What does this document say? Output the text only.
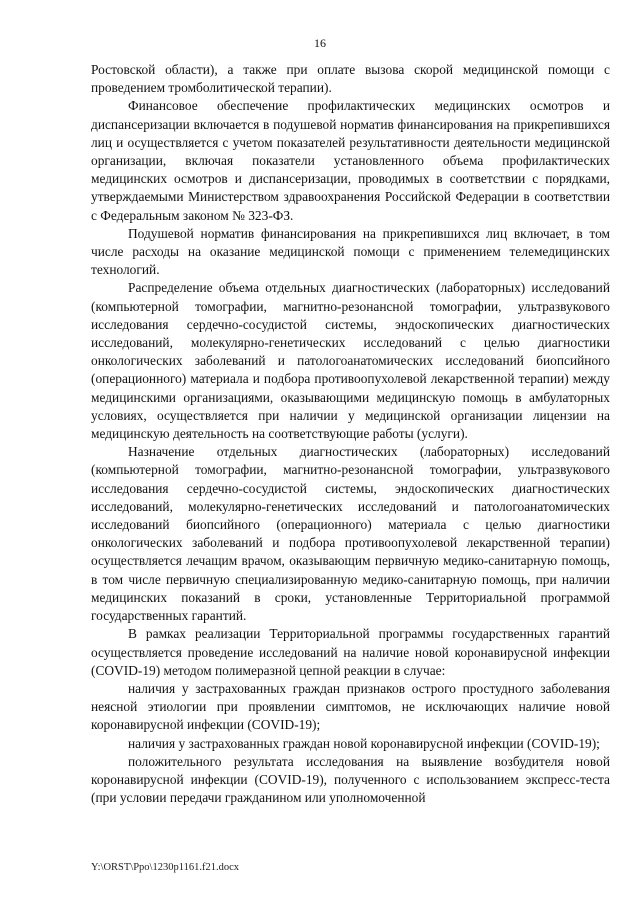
16

Ростовской области), а также при оплате вызова скорой медицинской помощи с проведением тромболитической терапии).

Финансовое обеспечение профилактических медицинских осмотров и диспансеризации включается в подушевой норматив финансирования на прикрепившихся лиц и осуществляется с учетом показателей результативности деятельности медицинской организации, включая показатели установленного объема профилактических медицинских осмотров и диспансеризации, проводимых в соответствии с порядками, утверждаемыми Министерством здравоохранения Российской Федерации в соответствии с Федеральным законом № 323-ФЗ.

Подушевой норматив финансирования на прикрепившихся лиц включает, в том числе расходы на оказание медицинской помощи с применением телемедицинских технологий.

Распределение объема отдельных диагностических (лабораторных) исследований (компьютерной томографии, магнитно-резонансной томографии, ультразвукового исследования сердечно-сосудистой системы, эндоскопических диагностических исследований, молекулярно-генетических исследований с целью диагностики онкологических заболеваний и патологоанатомических исследований биопсийного (операционного) материала и подбора противоопухолевой лекарственной терапии) между медицинскими организациями, оказывающими медицинскую помощь в амбулаторных условиях, осуществляется при наличии у медицинской организации лицензии на медицинскую деятельность на соответствующие работы (услуги).

Назначение отдельных диагностических (лабораторных) исследований (компьютерной томографии, магнитно-резонансной томографии, ультразвукового исследования сердечно-сосудистой системы, эндоскопических диагностических исследований, молекулярно-генетических исследований и патологоанатомических исследований биопсийного (операционного) материала с целью диагностики онкологических заболеваний и подбора противоопухолевой лекарственной терапии) осуществляется лечащим врачом, оказывающим первичную медико-санитарную помощь, в том числе первичную специализированную медико-санитарную помощь, при наличии медицинских показаний в сроки, установленные Территориальной программой государственных гарантий.

В рамках реализации Территориальной программы государственных гарантий осуществляется проведение исследований на наличие новой коронавирусной инфекции (COVID-19) методом полимеразной цепной реакции в случае:

наличия у застрахованных граждан признаков острого простудного заболевания неясной этиологии при проявлении симптомов, не исключающих наличие новой коронавирусной инфекции (COVID-19);

наличия у застрахованных граждан новой коронавирусной инфекции (COVID-19);

положительного результата исследования на выявление возбудителя новой коронавирусной инфекции (COVID-19), полученного с использованием экспресс-теста (при условии передачи гражданином или уполномоченной

Y:\ORST\Ppo\1230p1161.f21.docx
